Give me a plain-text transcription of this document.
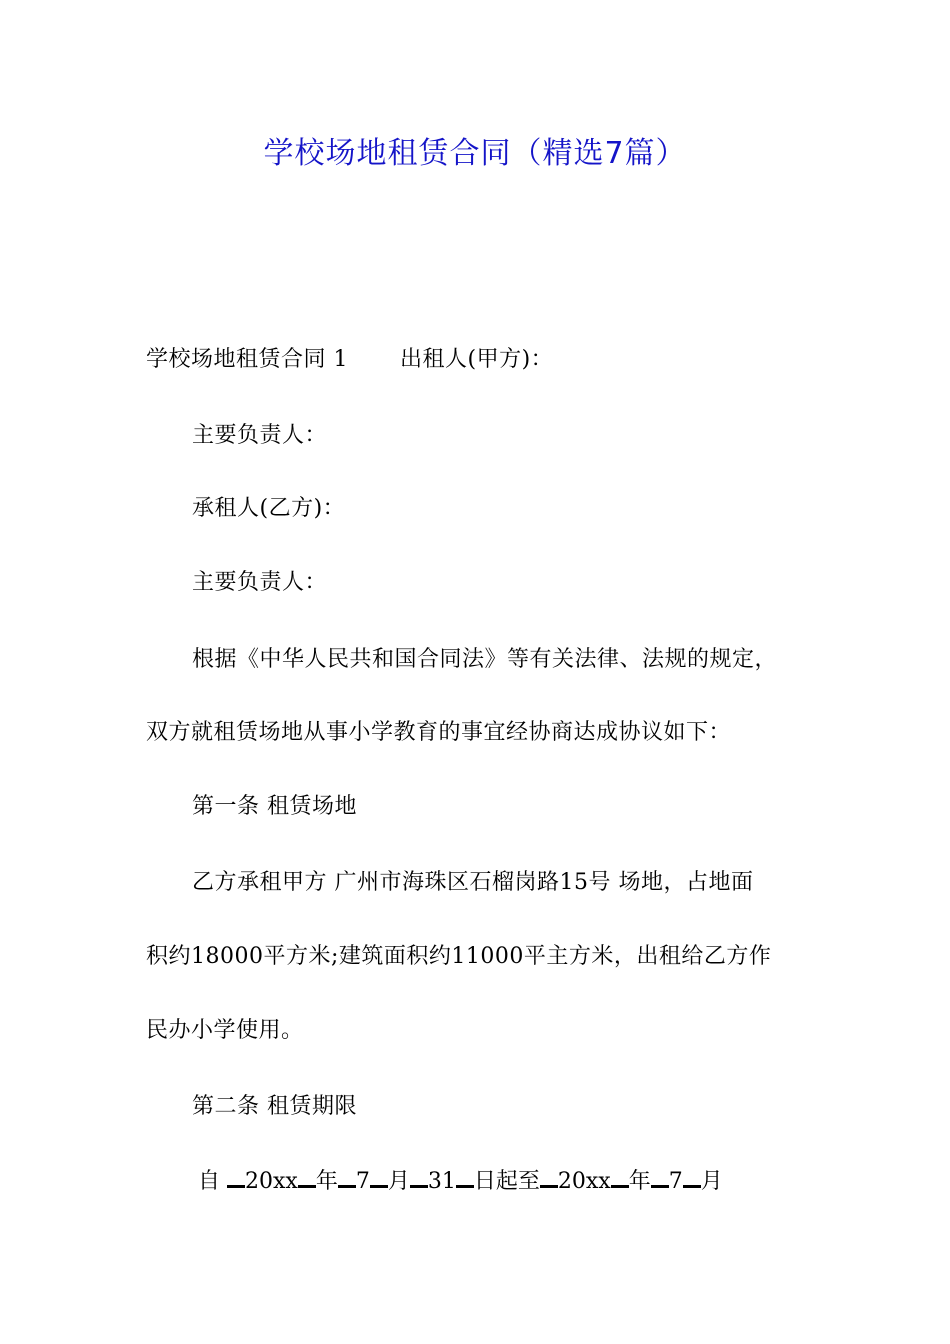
学校场地租赁合同（精选7篇）
学校场地租赁合同 1 出租人(甲方)：
主要负责人：
承租人(乙方)：
主要负责人：
根据《中华人民共和国合同法》等有关法律、法规的规定，
双方就租赁场地从事小学教育的事宜经协商达成协议如下：
第一条 租赁场地
乙方承租甲方 广州市海珠区石榴岗路15号 场地，占地面
积约18000平方米;建筑面积约11000平主方米，出租给乙方作
民办小学使用。
第二条 租赁期限
自 20xx 年 7 月 31 日起至 20xx 年 7 月
